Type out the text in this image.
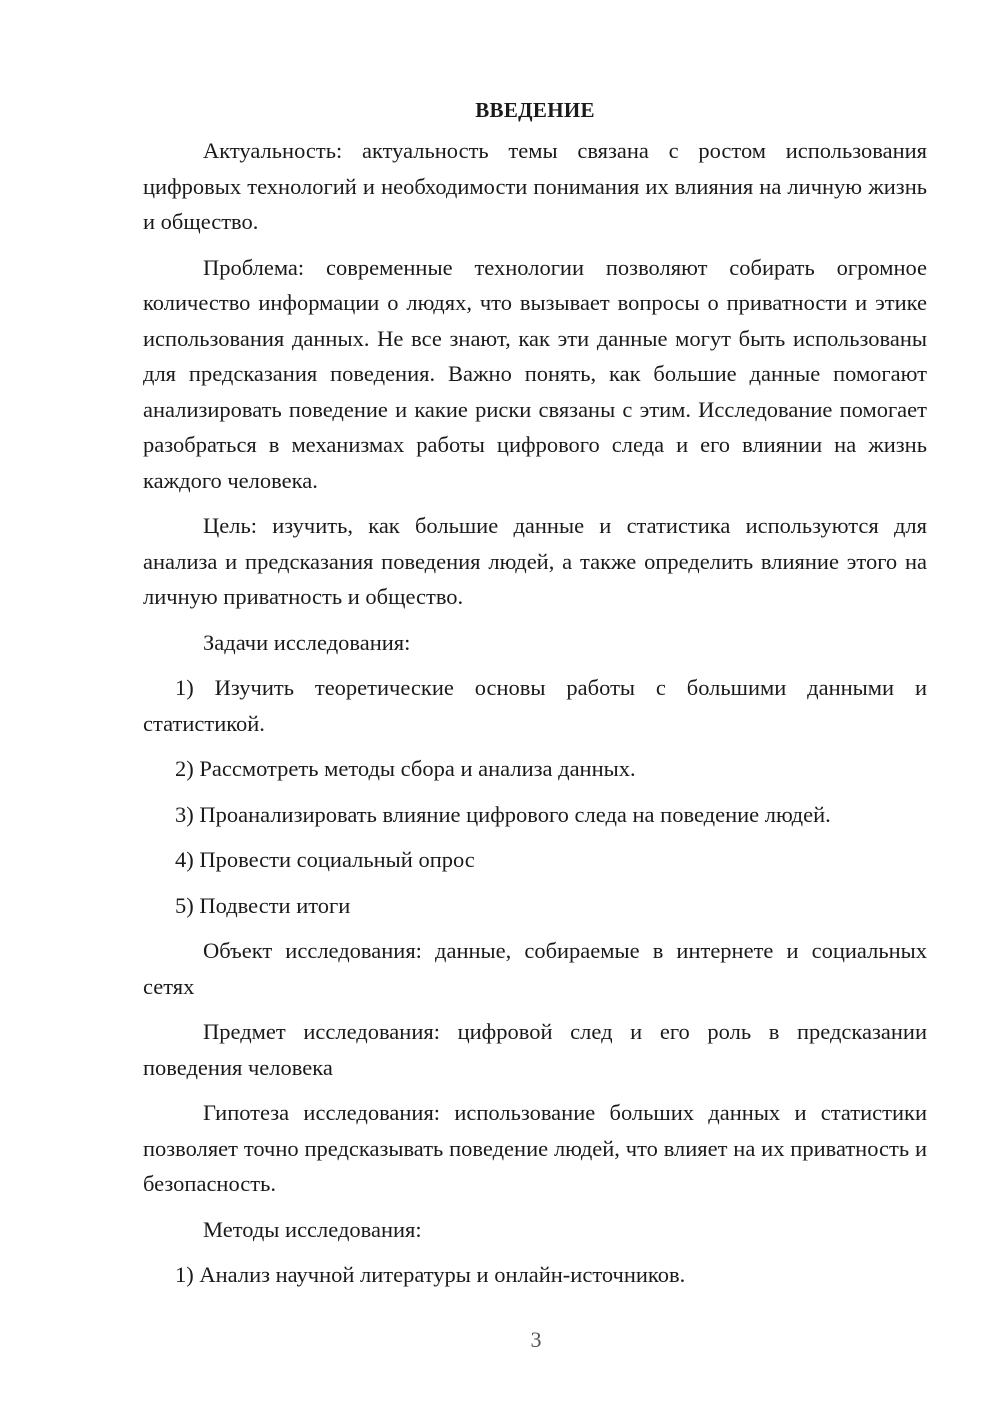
ВВЕДЕНИЕ

Актуальность: актуальность темы связана с ростом использования цифровых технологий и необходимости понимания их влияния на личную жизнь и общество.

Проблема: современные технологии позволяют собирать огромное количество информации о людях, что вызывает вопросы о приватности и этике использования данных. Не все знают, как эти данные могут быть использованы для предсказания поведения. Важно понять, как большие данные помогают анализировать поведение и какие риски связаны с этим. Исследование помогает разобраться в механизмах работы цифрового следа и его влиянии на жизнь каждого человека.

Цель: изучить, как большие данные и статистика используются для анализа и предсказания поведения людей, а также определить влияние этого на личную приватность и общество.

Задачи исследования:

1) Изучить теоретические основы работы с большими данными и статистикой.

2) Рассмотреть методы сбора и анализа данных.

3) Проанализировать влияние цифрового следа на поведение людей.

4) Провести социальный опрос

5) Подвести итоги

Объект исследования: данные, собираемые в интернете и социальных сетях

Предмет исследования: цифровой след и его роль в предсказании поведения человека

Гипотеза исследования: использование больших данных и статистики позволяет точно предсказывать поведение людей, что влияет на их приватность и безопасность.

Методы исследования:

1) Анализ научной литературы и онлайн-источников.

3
